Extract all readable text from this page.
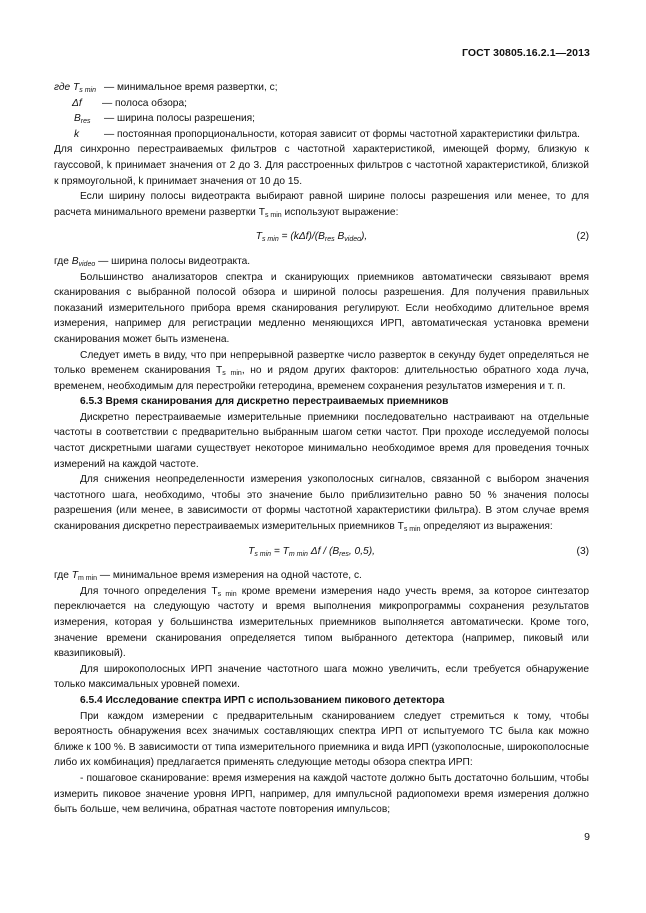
ГОСТ 30805.16.2.1—2013
где $T_{s min}$ — минимальное время развертки, с;
Δf	— полоса обзора;
$B_{res}$	— ширина полосы разрешения;
k	— постоянная пропорциональности, которая зависит от формы частотной характеристики фильтра.

Для синхронно перестраиваемых фильтров с частотной характеристикой, имеющей форму, близкую к гауссовой, k принимает значения от 2 до 3. Для расстроенных фильтров с частотной характеристикой, близкой к прямоугольной, k принимает значения от 10 до 15.

Если ширину полосы видеотракта выбирают равной ширине полосы разрешения или менее, то для расчета минимального времени развертки $T_{s min}$ используют выражение:

$T_{s min} = (k\Delta f)/(B_{res}$ $B_{video}$),	(2)

где $B_{video}$ — ширина полосы видеотракта.

Большинство анализаторов спектра и сканирующих приемников автоматически связывают время сканирования с выбранной полосой обзора и шириной полосы разрешения. Для получения правильных показаний измерительного прибора время сканирования регулируют. Если необходимо длительное время измерения, например для регистрации медленно меняющихся ИРП, автоматическая установка времени сканирования может быть изменена.

Следует иметь в виду, что при непрерывной развертке число разверток в секунду будет определяться не только временем сканирования $T_{s min}$, но и рядом других факторов: длительностью обратного хода луча, временем, необходимым для перестройки гетеродина, временем сохранения результатов измерения и т. п.

6.5.3 Время сканирования для дискретно перестраиваемых приемников

Дискретно перестраиваемые измерительные приемники последовательно настраивают на отдельные частоты в соответствии с предварительно выбранным шагом сетки частот. При проходе исследуемой полосы частот дискретными шагами существует некоторое минимально необходимое время для проведения точных измерений на каждой частоте.

Для снижения неопределенности измерения узкополосных сигналов, связанной с выбором значения частотного шага, необходимо, чтобы это значение было приблизительно равно 50 % значения полосы разрешения (или менее, в зависимости от формы частотной характеристики фильтра). В этом случае время сканирования дискретно перестраиваемых измерительных приемников $T_{s min}$ определяют из выражения:

$T_{s min} = T_{m min}$ Δf / ($B_{res}$, 0,5),	(3)

где $T_{m min}$ — минимальное время измерения на одной частоте, с.

Для точного определения $T_{s min}$ кроме времени измерения надо учесть время, за которое синтезатор переключается на следующую частоту и время выполнения микропрограммы сохранения результатов измерения, которая у большинства измерительных приемников выполняется автоматически. Кроме того, значение времени сканирования определяется типом выбранного детектора (например, пиковый или квазипиковый).

Для широкополосных ИРП значение частотного шага можно увеличить, если требуется обнаружение только максимальных уровней помехи.

6.5.4 Исследование спектра ИРП с использованием пикового детектора

При каждом измерении с предварительным сканированием следует стремиться к тому, чтобы вероятность обнаружения всех значимых составляющих спектра ИРП от испытуемого ТС была как можно ближе к 100 %. В зависимости от типа измерительного приемника и вида ИРП (узкополосные, широкополосные либо их комбинация) предлагается применять следующие методы обзора спектра ИРП:

- пошаговое сканирование: время измерения на каждой частоте должно быть достаточно большим, чтобы измерить пиковое значение уровня ИРП, например, для импульсной радиопомехи время измерения должно быть больше, чем величина, обратная частоте повторения импульсов;

9
